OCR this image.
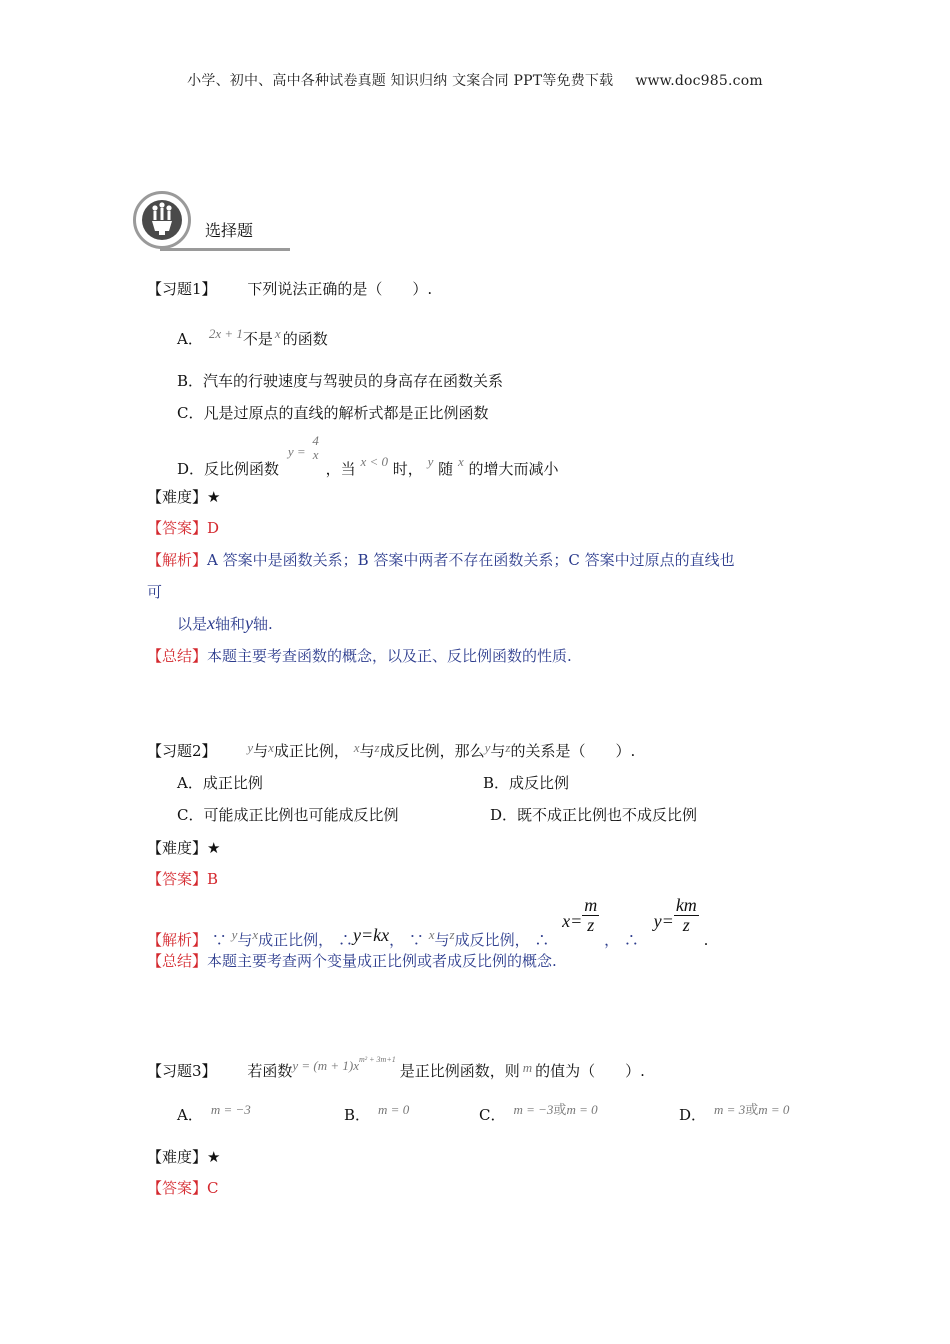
小学、初中、高中各种试卷真题 知识归纳 文案合同 PPT等免费下载 www.doc985.com
选择题
【习题1】 下列说法正确的是（　　）.
A． 2x + 1不是 x 的函数
B．汽车的行驶速度与驾驶员的身高存在函数关系
C．凡是过原点的直线的解析式都是正比例函数
D．反比例函数 y =
4
x
，当 x < 0 时， y 随 x 的增大而减小
【难度】★
【答案】D
【解析】A 答案中是函数关系；B 答案中两者不存在函数关系；C 答案中过原点的直线也
可
以是x轴和y轴.
【总结】本题主要考查函数的概念，以及正、反比例函数的性质.
【习题2】 y与x成正比例， x与z成反比例，那么y与z的关系是（　　）.
A．成正比例	B．成反比例
C．可能成正比例也可能成反比例	D．既不成正比例也不成反比例
【难度】★
【答案】B
【解析】 ∵ y与x成正比例， ∴y=kx， ∵ x与z成反比例， ∴ $x= \frac{m}{z}$
， ∴ $y= \frac{km}{z}$
.
【总结】本题主要考查两个变量成正比例或者成反比例的概念.
【习题3】 若函数$y = (m + 1)x^{m^2 + 3m+1}$是正比例函数，则 m 的值为（　　）.
A． m = −3	B． m = 0	C． m = −3或m = 0	D． m = 3或m = 0
【难度】★
【答案】C
